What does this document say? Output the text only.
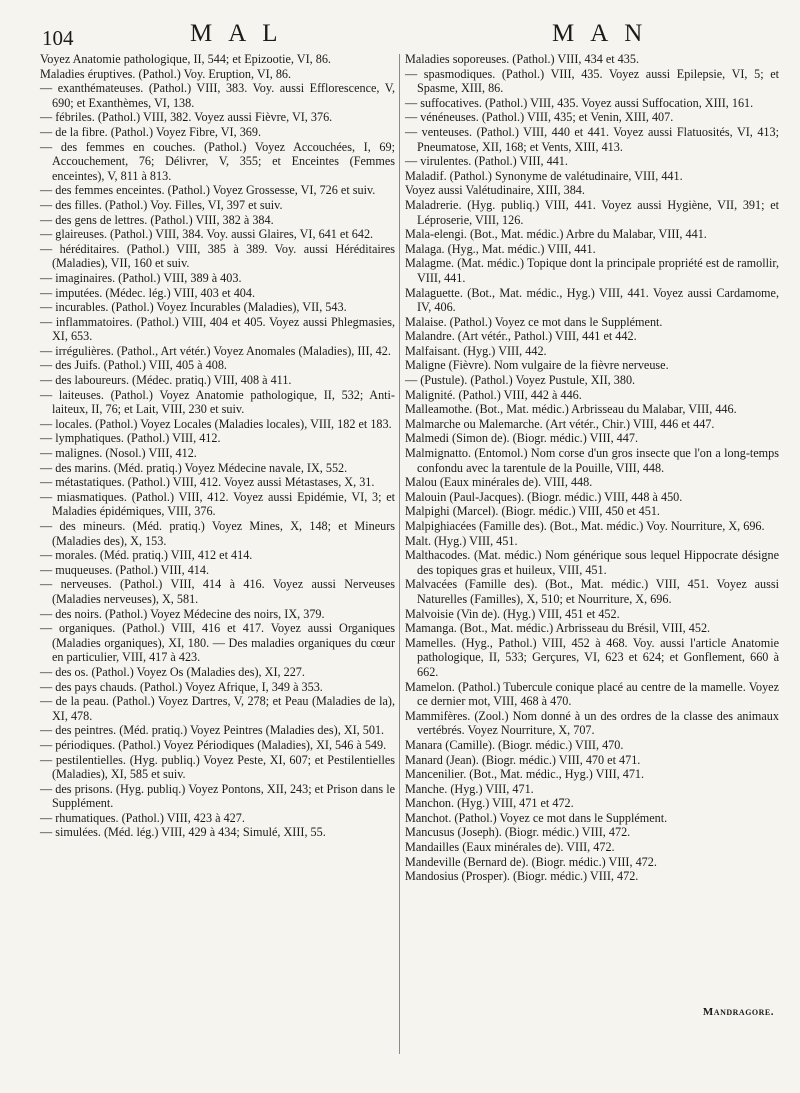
104	MAL	MAN

Voyez Anatomie pathologique, II, 544; et Epizootie, VI, 86.

Maladies éruptives. (Pathol.) Voy. Eruption, VI, 86.

— exanthémateuses. (Pathol.) VIII, 383. Voy. aussi Efflorescence, V, 690; et Exanthèmes, VI, 138.

— fébriles. (Pathol.) VIII, 382. Voyez aussi Fièvre, VI, 376.

— de la fibre. (Pathol.) Voyez Fibre, VI, 369.

— des femmes en couches. (Pathol.) Voyez Accouchées, I, 69; Accouchement, 76; Délivrer, V, 355; et Enceintes (Femmes enceintes), V, 811 à 813.

— des femmes enceintes. (Pathol.) Voyez Grossesse, VI, 726 et suiv.

— des filles. (Pathol.) Voy. Filles, VI, 397 et suiv.

— des gens de lettres. (Pathol.) VIII, 382 à 384.

— glaireuses. (Pathol.) VIII, 384. Voy. aussi Glaires, VI, 641 et 642.

— héréditaires. (Pathol.) VIII, 385 à 389. Voy. aussi Héréditaires (Maladies), VII, 160 et suiv.

— imaginaires. (Pathol.) VIII, 389 à 403.

— imputées. (Médec. lég.) VIII, 403 et 404.

— incurables. (Pathol.) Voyez Incurables (Maladies), VII, 543.

— inflammatoires. (Pathol.) VIII, 404 et 405. Voyez aussi Phlegmasies, XI, 653.

— irrégulières. (Pathol., Art vétér.) Voyez Anomales (Maladies), III, 42.

— des Juifs. (Pathol.) VIII, 405 à 408.

— des laboureurs. (Médec. pratiq.) VIII, 408 à 411.

— laiteuses. (Pathol.) Voyez Anatomie pathologique, II, 532; Anti-laiteux, II, 76; et Lait, VIII, 230 et suiv.

— locales. (Pathol.) Voyez Locales (Maladies locales), VIII, 182 et 183.

— lymphatiques. (Pathol.) VIII, 412.

— malignes. (Nosol.) VIII, 412.

— des marins. (Méd. pratiq.) Voyez Médecine navale, IX, 552.

— métastatiques. (Pathol.) VIII, 412. Voyez aussi Métastases, X, 31.

— miasmatiques. (Pathol.) VIII, 412. Voyez aussi Epidémie, VI, 3; et Maladies épidémiques, VIII, 376.

— des mineurs. (Méd. pratiq.) Voyez Mines, X, 148; et Mineurs (Maladies des), X, 153.

— morales. (Méd. pratiq.) VIII, 412 et 414.

— muqueuses. (Pathol.) VIII, 414.

— nerveuses. (Pathol.) VIII, 414 à 416. Voyez aussi Nerveuses (Maladies nerveuses), X, 581.

— des noirs. (Pathol.) Voyez Médecine des noirs, IX, 379.

— organiques. (Pathol.) VIII, 416 et 417. Voyez aussi Organiques (Maladies organiques), XI, 180. — Des maladies organiques du cœur en particulier, VIII, 417 à 423.

— des os. (Pathol.) Voyez Os (Maladies des), XI, 227.

— des pays chauds. (Pathol.) Voyez Afrique, I, 349 à 353.

— de la peau. (Pathol.) Voyez Dartres, V, 278; et Peau (Maladies de la), XI, 478.

— des peintres. (Méd. pratiq.) Voyez Peintres (Maladies des), XI, 501.

— périodiques. (Pathol.) Voyez Périodiques (Maladies), XI, 546 à 549.

— pestilentielles. (Hyg. publiq.) Voyez Peste, XI, 607; et Pestilentielles (Maladies), XI, 585 et suiv.

— des prisons. (Hyg. publiq.) Voyez Pontons, XII, 243; et Prison dans le Supplément.

— rhumatiques. (Pathol.) VIII, 423 à 427.

— simulées. (Méd. lég.) VIII, 429 à 434; Simulé, XIII, 55.

Maladies soporeuses. (Pathol.) VIII, 434 et 435.

— spasmodiques. (Pathol.) VIII, 435. Voyez aussi Epilepsie, VI, 5; et Spasme, XIII, 86.

— suffocatives. (Pathol.) VIII, 435. Voyez aussi Suffocation, XIII, 161.

— vénéneuses. (Pathol.) VIII, 435; et Venin, XIII, 407.

— venteuses. (Pathol.) VIII, 440 et 441. Voyez aussi Flatuosités, VI, 413; Pneumatose, XII, 168; et Vents, XIII, 413.

— virulentes. (Pathol.) VIII, 441.

Maladif. (Pathol.) Synonyme de valétudinaire, VIII, 441.

Voyez aussi Valétudinaire, XIII, 384.

Maladrerie. (Hyg. publiq.) VIII, 441. Voyez aussi Hygiène, VII, 391; et Léproserie, VIII, 126.

Mala-elengi. (Bot., Mat. médic.) Arbre du Malabar, VIII, 441.

Malaga. (Hyg., Mat. médic.) VIII, 441.

Malagme. (Mat. médic.) Topique dont la principale propriété est de ramollir, VIII, 441.

Malaguette. (Bot., Mat. médic., Hyg.) VIII, 441. Voyez aussi Cardamome, IV, 406.

Malaise. (Pathol.) Voyez ce mot dans le Supplément.

Malandre. (Art vétér., Pathol.) VIII, 441 et 442.

Malfaisant. (Hyg.) VIII, 442.

Maligne (Fièvre). Nom vulgaire de la fièvre nerveuse.

— (Pustule). (Pathol.) Voyez Pustule, XII, 380.

Malignité. (Pathol.) VIII, 442 à 446.

Malleamothe. (Bot., Mat. médic.) Arbrisseau du Malabar, VIII, 446.

Malmarche ou Malemarche. (Art vétér., Chir.) VIII, 446 et 447.

Malmedi (Simon de). (Biogr. médic.) VIII, 447.

Malmignatto. (Entomol.) Nom corse d'un gros insecte que l'on a long-temps confondu avec la tarentule de la Pouille, VIII, 448.

Malou (Eaux minérales de). VIII, 448.

Malouin (Paul-Jacques). (Biogr. médic.) VIII, 448 à 450.

Malpighi (Marcel). (Biogr. médic.) VIII, 450 et 451.

Malpighiacées (Famille des). (Bot., Mat. médic.) Voy. Nourriture, X, 696.

Malt. (Hyg.) VIII, 451.

Malthacodes. (Mat. médic.) Nom générique sous lequel Hippocrate désigne des topiques gras et huileux, VIII, 451.

Malvacées (Famille des). (Bot., Mat. médic.) VIII, 451. Voyez aussi Naturelles (Familles), X, 510; et Nourriture, X, 696.

Malvoisie (Vin de). (Hyg.) VIII, 451 et 452.

Mamanga. (Bot., Mat. médic.) Arbrisseau du Brésil, VIII, 452.

Mamelles. (Hyg., Pathol.) VIII, 452 à 468. Voy. aussi l'article Anatomie pathologique, II, 533; Gerçures, VI, 623 et 624; et Gonflement, 660 à 662.

Mamelon. (Pathol.) Tubercule conique placé au centre de la mamelle. Voyez ce dernier mot, VIII, 468 à 470.

Mammifères. (Zool.) Nom donné à un des ordres de la classe des animaux vertébrés. Voyez Nourriture, X, 707.

Manara (Camille). (Biogr. médic.) VIII, 470.

Manard (Jean). (Biogr. médic.) VIII, 470 et 471.

Mancenilier. (Bot., Mat. médic., Hyg.) VIII, 471.

Manche. (Hyg.) VIII, 471.

Manchon. (Hyg.) VIII, 471 et 472.

Manchot. (Pathol.) Voyez ce mot dans le Supplément.

Mancusus (Joseph). (Biogr. médic.) VIII, 472.

Mandailles (Eaux minérales de). VIII, 472.

Mandeville (Bernard de). (Biogr. médic.) VIII, 472.

Mandosius (Prosper). (Biogr. médic.) VIII, 472.

Mandragore.
